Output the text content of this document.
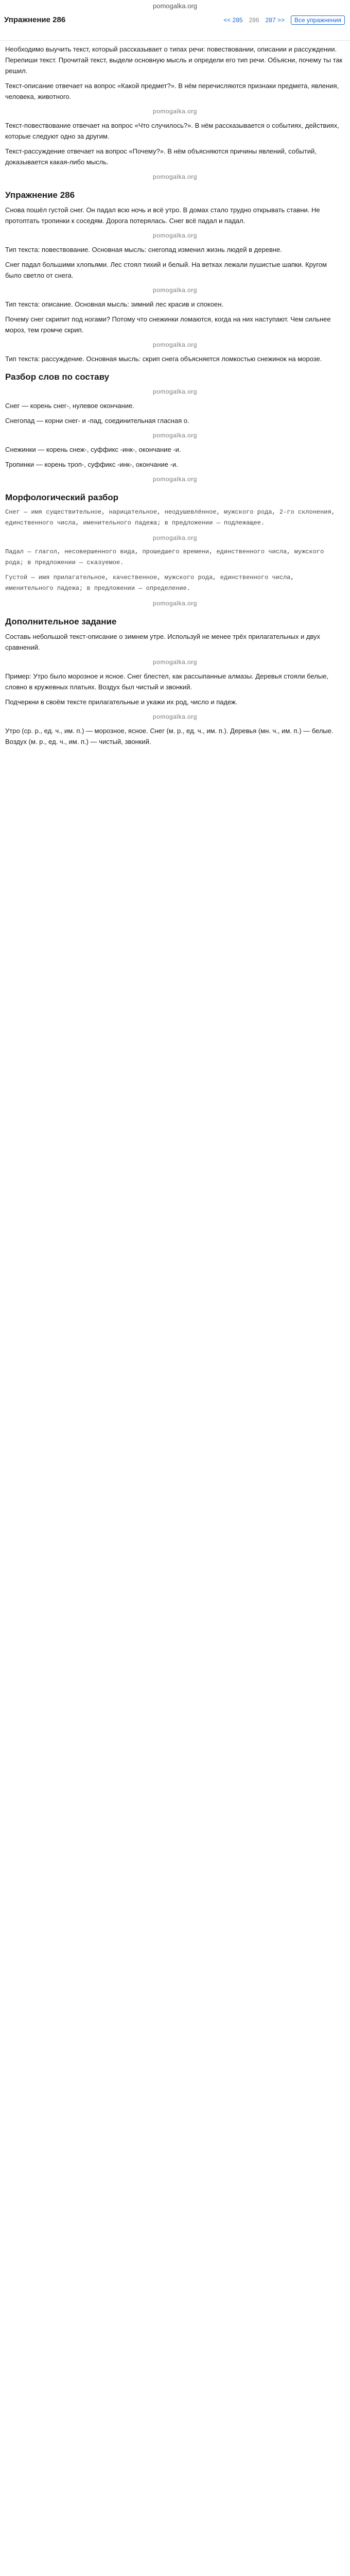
pomogalka.org
Упражнение 286	<< 285 286 287 >>	Все упражнения

Необходимо выучить текст, который рассказывает о типах речи: повествовании, описании и рассуждении. Перепиши текст. Прочитай текст, выдели основную мысль и определи его тип речи. Объясни, почему ты так решил.

Текст-описание отвечает на вопрос «Какой предмет?». В нём перечисляются признаки предмета, явления, человека, животного.

pomogalka.org

Текст-повествование отвечает на вопрос «Что случилось?». В нём рассказывается о событиях, действиях, которые следуют одно за другим.

Текст-рассуждение отвечает на вопрос «Почему?». В нём объясняются причины явлений, событий, доказывается какая-либо мысль.

pomogalka.org
Упражнение 286

Снова пошёл густой снег. Он падал всю ночь и всё утро. В домах стало трудно открывать ставни. Не протоптать тропинки к соседям. Дорога потерялась. Снег всё падал и падал.

pomogalka.org

Тип текста: повествование. Основная мысль: снегопад изменил жизнь людей в деревне.

Снег падал большими хлопьями. Лес стоял тихий и белый. На ветках лежали пушистые шапки. Кругом было светло от снега.

pomogalka.org

Тип текста: описание. Основная мысль: зимний лес красив и спокоен.

Почему снег скрипит под ногами? Потому что снежинки ломаются, когда на них наступают. Чем сильнее мороз, тем громче скрип.

pomogalka.org

Тип текста: рассуждение. Основная мысль: скрип снега объясняется ломкостью снежинок на морозе.

Разбор слов по составу
pomogalka.org

Снег — корень снег-, нулевое окончание.

Снегопад — корни снег- и -пад, соединительная гласная о.

pomogalka.org

Снежинки — корень снеж-, суффикс -инк-, окончание -и.

Тропинки — корень троп-, суффикс -инк-, окончание -и.

pomogalka.org
Морфологический разбор

Снег — имя существительное, нарицательное, неодушевлённое, мужского рода, 2-го склонения, единственного числа, именительного падежа; в предложении — подлежащее.

pomogalka.org

Падал — глагол, несовершенного вида, прошедшего времени, единственного числа, мужского рода; в предложении — сказуемое.

Густой — имя прилагательное, качественное, мужского рода, единственного числа, именительного падежа; в предложении — определение.

pomogalka.org
Дополнительное задание

Составь небольшой текст-описание о зимнем утре. Используй не менее трёх прилагательных и двух сравнений.

pomogalka.org

Пример: Утро было морозное и ясное. Снег блестел, как рассыпанные алмазы. Деревья стояли белые, словно в кружевных платьях. Воздух был чистый и звонкий.

Подчеркни в своём тексте прилагательные и укажи их род, число и падеж.

pomogalka.org

Утро (ср. р., ед. ч., им. п.) — морозное, ясное. Снег (м. р., ед. ч., им. п.). Деревья (мн. ч., им. п.) — белые. Воздух (м. р., ед. ч., им. п.) — чистый, звонкий.
